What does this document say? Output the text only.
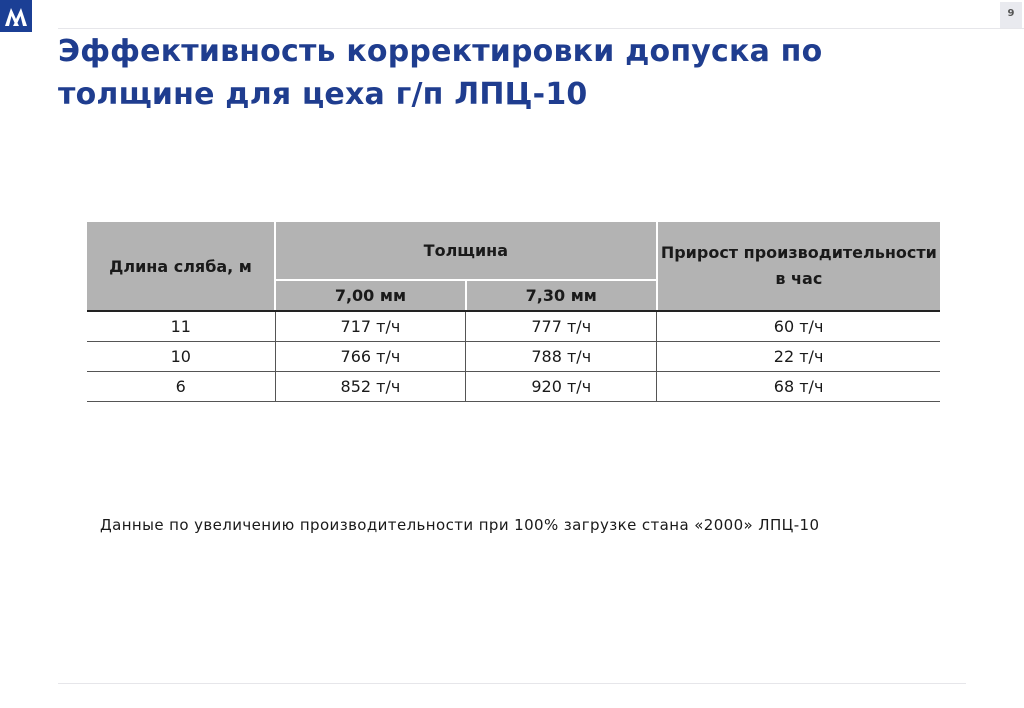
9
Эффективность корректировки допуска по толщине для цеха г/п ЛПЦ-10
Длина сляба, м	Толщина		Прирост производительности в час
	7,00 мм	7,30 мм	
11	717 т/ч	777 т/ч	60 т/ч
10	766 т/ч	788 т/ч	22 т/ч
6	852 т/ч	920 т/ч	68 т/ч

Данные по увеличению производительности при 100% загрузке стана «2000» ЛПЦ-10
